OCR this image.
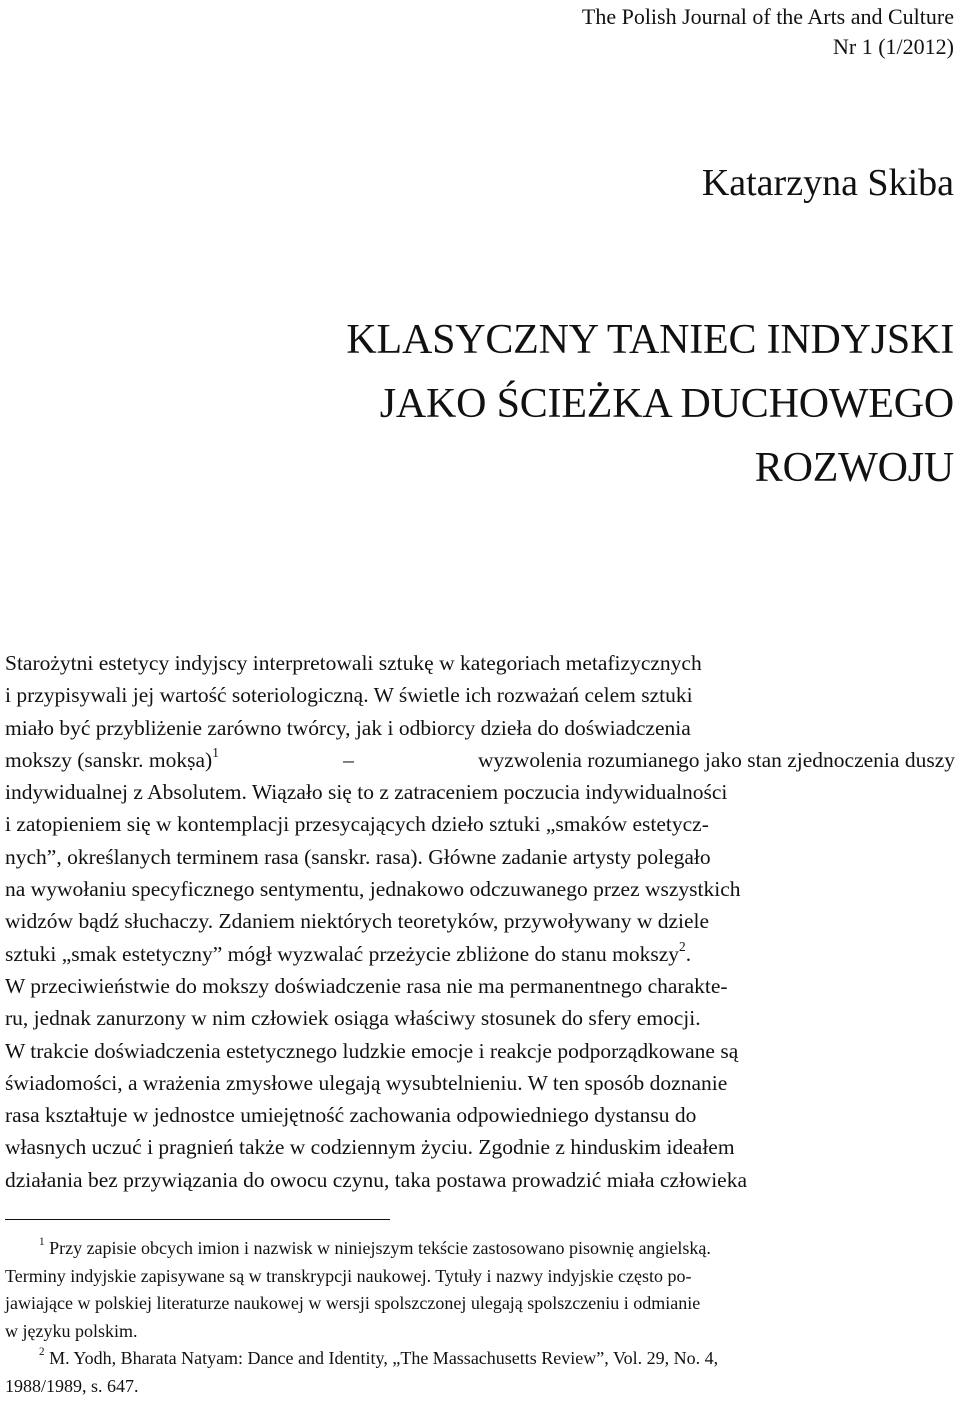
The Polish Journal of the Arts and Culture
Nr 1 (1/2012)
Katarzyna Skiba
KLASYCZNY TANIEC INDYJSKI
JAKO ŚCIEŻKA DUCHOWEGO
ROZWOJU
Starożytni estetycy indyjscy interpretowali sztukę w kategoriach metafizycznych
i przypisywali jej wartość soteriologiczną. W świetle ich rozważań celem sztuki
miało być przybliżenie zarówno twórcy, jak i odbiorcy dzieła do doświadczenia
mokszy (sanskr. mokṣa)$^1$	–	wyzwolenia rozumianego jako stan zjednoczenia duszy
indywidualnej z Absolutem. Wiązało się to z zatraceniem poczucia indywidualności
i zatopieniem się w kontemplacji przesycających dzieło sztuki „smaków estetycz-
nych”, określanych terminem rasa (sanskr. rasa). Główne zadanie artysty polegało
na wywołaniu specyficznego sentymentu, jednakowo odczuwanego przez wszystkich
widzów bądź słuchaczy. Zdaniem niektórych teoretyków, przywoływany w dziele
sztuki „smak estetyczny” mógł wyzwalać przeżycie zbliżone do stanu mokszy$^2$.
W przeciwieństwie do mokszy doświadczenie rasa nie ma permanentnego charakte-
ru, jednak zanurzony w nim człowiek osiąga właściwy stosunek do sfery emocji.
W trakcie doświadczenia estetycznego ludzkie emocje i reakcje podporządkowane są
świadomości, a wrażenia zmysłowe ulegają wysubtelnieniu. W ten sposób doznanie
rasa kształtuje w jednostce umiejętność zachowania odpowiedniego dystansu do
własnych uczuć i pragnień także w codziennym życiu. Zgodnie z hinduskim ideałem
działania bez przywiązania do owocu czynu, taka postawa prowadzić miała człowieka
$^1$ Przy zapisie obcych imion i nazwisk w niniejszym tekście zastosowano pisownię angielską.
Terminy indyjskie zapisywane są w transkrypcji naukowej. Tytuły i nazwy indyjskie często po-
jawiające w polskiej literaturze naukowej w wersji spolszczonej ulegają spolszczeniu i odmianie
w języku polskim.
$^2$ M. Yodh, Bharata Natyam: Dance and Identity, „The Massachusetts Review”, Vol. 29, No. 4,
1988/1989, s. 647.
